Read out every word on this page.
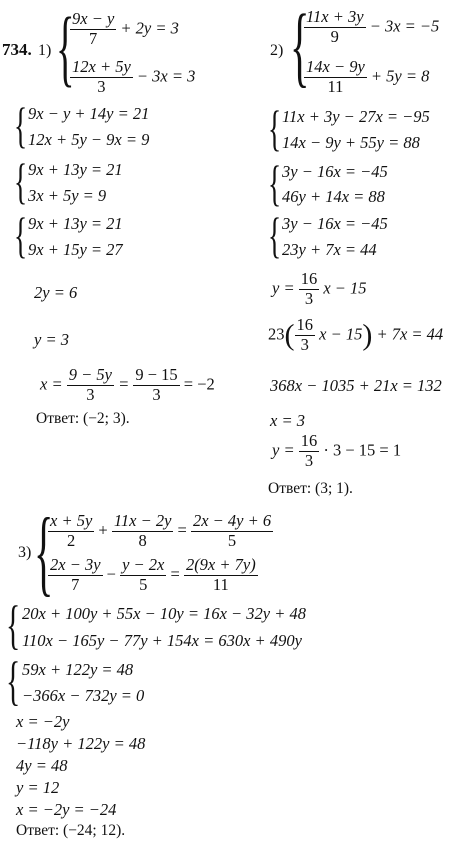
734. 1) {
$\frac{9x - y}{7} + 2y = 3$
$\frac{12x + 5y}{3} - 3x = 3$
{ 9x − y + 14y = 21
12x + 5y − 9x = 9
{ 9x + 13y = 21
3x + 5y = 9
{ 9x + 13y = 21
9x + 15y = 27
2y = 6
y = 3
$x = \frac{9 - 5y}{3} = \frac{9 - 15}{3} = -2$
Ответ: (−2; 3).
2) {
$\frac{11x + 3y}{9} - 3x = -5$
$\frac{14x - 9y}{11} + 5y = 8$
{ 11x + 3y − 27x = −95
14x − 9y + 55y = 88
{ 3y − 16x = −45
46y + 14x = 88
{ 3y − 16x = −45
23y + 7x = 44
$y = \frac{16}{3}$ x − 15
$23( \frac{16}{3}$ x − 15) + 7x = 44
368x − 1035 + 21x = 132
x = 3
$y = \frac{16}{3} \cdot 3 - 15 = 1$
Ответ: (3; 1).
3) {
$\frac{x + 5y}{2} + \frac{11x - 2y}{8} = \frac{2x - 4y + 6}{5}$
$\frac{2x - 3y}{7} - \frac{y - 2x}{5} = \frac{2(9x + 7y)}{11}$
{ 20x + 100y + 55x − 10y = 16x − 32y + 48
110x − 165y − 77y + 154x = 630x + 490y
{ 59x + 122y = 48
−366x − 732y = 0
x = −2y
−118y + 122y = 48
4y = 48
y = 12
x = −2y = −24
Ответ: (−24; 12).
